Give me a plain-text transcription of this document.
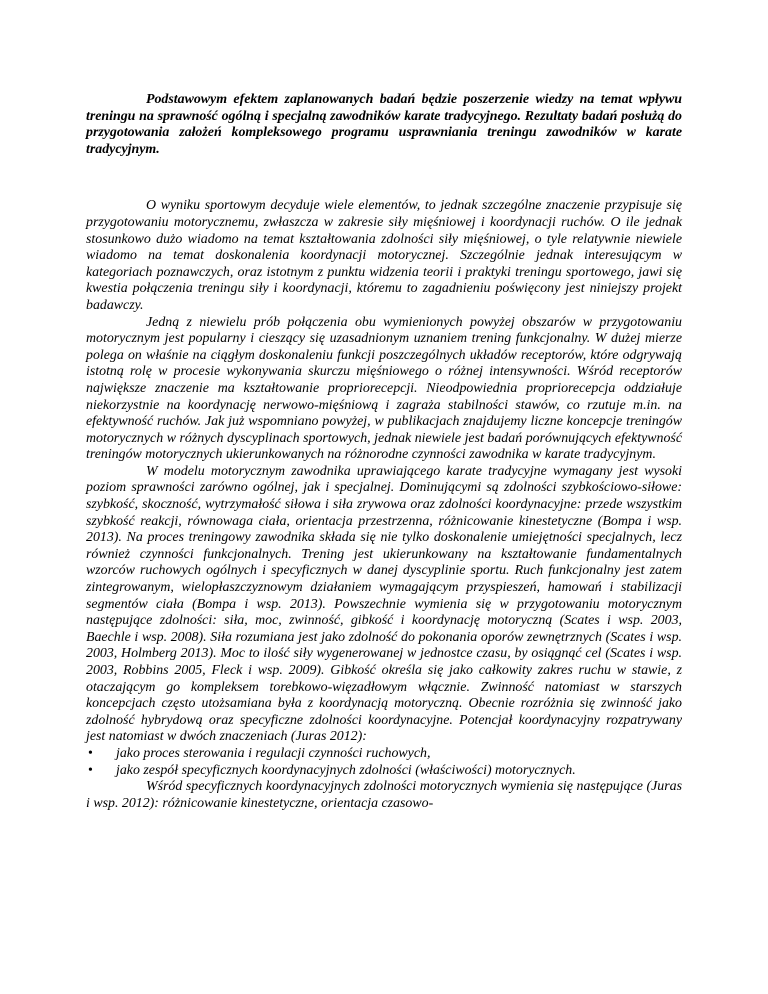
Podstawowym efektem zaplanowanych badań będzie poszerzenie wiedzy na temat wpływu treningu na sprawność ogólną i specjalną zawodników karate tradycyjnego. Rezultaty badań posłużą do przygotowania założeń kompleksowego programu usprawniania treningu zawodników w karate tradycyjnym.

O wyniku sportowym decyduje wiele elementów, to jednak szczególne znaczenie przypisuje się przygotowaniu motorycznemu, zwłaszcza w zakresie siły mięśniowej i koordynacji ruchów. O ile jednak stosunkowo dużo wiadomo na temat kształtowania zdolności siły mięśniowej, o tyle relatywnie niewiele wiadomo na temat doskonalenia koordynacji motorycznej. Szczególnie jednak interesującym w kategoriach poznawczych, oraz istotnym z punktu widzenia teorii i praktyki treningu sportowego, jawi się kwestia połączenia treningu siły i koordynacji, któremu to zagadnieniu poświęcony jest niniejszy projekt badawczy.

Jedną z niewielu prób połączenia obu wymienionych powyżej obszarów w przygotowaniu motorycznym jest popularny i cieszący się uzasadnionym uznaniem trening funkcjonalny. W dużej mierze polega on właśnie na ciągłym doskonaleniu funkcji poszczególnych układów receptorów, które odgrywają istotną rolę w procesie wykonywania skurczu mięśniowego o różnej intensywności. Wśród receptorów największe znaczenie ma kształtowanie propriorecepcji. Nieodpowiednia propriorecepcja oddziałuje niekorzystnie na koordynację nerwowo-mięśniową i zagraża stabilności stawów, co rzutuje m.in. na efektywność ruchów. Jak już wspomniano powyżej, w publikacjach znajdujemy liczne koncepcje treningów motorycznych w różnych dyscyplinach sportowych, jednak niewiele jest badań porównujących efektywność treningów motorycznych ukierunkowanych na różnorodne czynności zawodnika w karate tradycyjnym.

W modelu motorycznym zawodnika uprawiającego karate tradycyjne wymagany jest wysoki poziom sprawności zarówno ogólnej, jak i specjalnej. Dominującymi są zdolności szybkościowo-siłowe: szybkość, skoczność, wytrzymałość siłowa i siła zrywowa oraz zdolności koordynacyjne: przede wszystkim szybkość reakcji, równowaga ciała, orientacja przestrzenna, różnicowanie kinestetyczne (Bompa i wsp. 2013). Na proces treningowy zawodnika składa się nie tylko doskonalenie umiejętności specjalnych, lecz również czynności funkcjonalnych. Trening jest ukierunkowany na kształtowanie fundamentalnych wzorców ruchowych ogólnych i specyficznych w danej dyscyplinie sportu. Ruch funkcjonalny jest zatem zintegrowanym, wielopłaszczyznowym działaniem wymagającym przyspieszeń, hamowań i stabilizacji segmentów ciała (Bompa i wsp. 2013). Powszechnie wymienia się w przygotowaniu motorycznym następujące zdolności: siła, moc, zwinność, gibkość i koordynację motoryczną (Scates i wsp. 2003, Baechle i wsp. 2008). Siła rozumiana jest jako zdolność do pokonania oporów zewnętrznych (Scates i wsp. 2003, Holmberg 2013). Moc to ilość siły wygenerowanej w jednostce czasu, by osiągnąć cel (Scates i wsp. 2003, Robbins 2005, Fleck i wsp. 2009). Gibkość określa się jako całkowity zakres ruchu w stawie, z otaczającym go kompleksem torebkowo-więzadłowym włącznie. Zwinność natomiast w starszych koncepcjach często utożsamiana była z koordynacją motoryczną. Obecnie rozróżnia się zwinność jako zdolność hybrydową oraz specyficzne zdolności koordynacyjne. Potencjał koordynacyjny rozpatrywany jest natomiast w dwóch znaczeniach (Juras 2012):

• jako proces sterowania i regulacji czynności ruchowych,
• jako zespół specyficznych koordynacyjnych zdolności (właściwości) motorycznych.

Wśród specyficznych koordynacyjnych zdolności motorycznych wymienia się następujące (Juras i wsp. 2012): różnicowanie kinestetyczne, orientacja czasowo-
